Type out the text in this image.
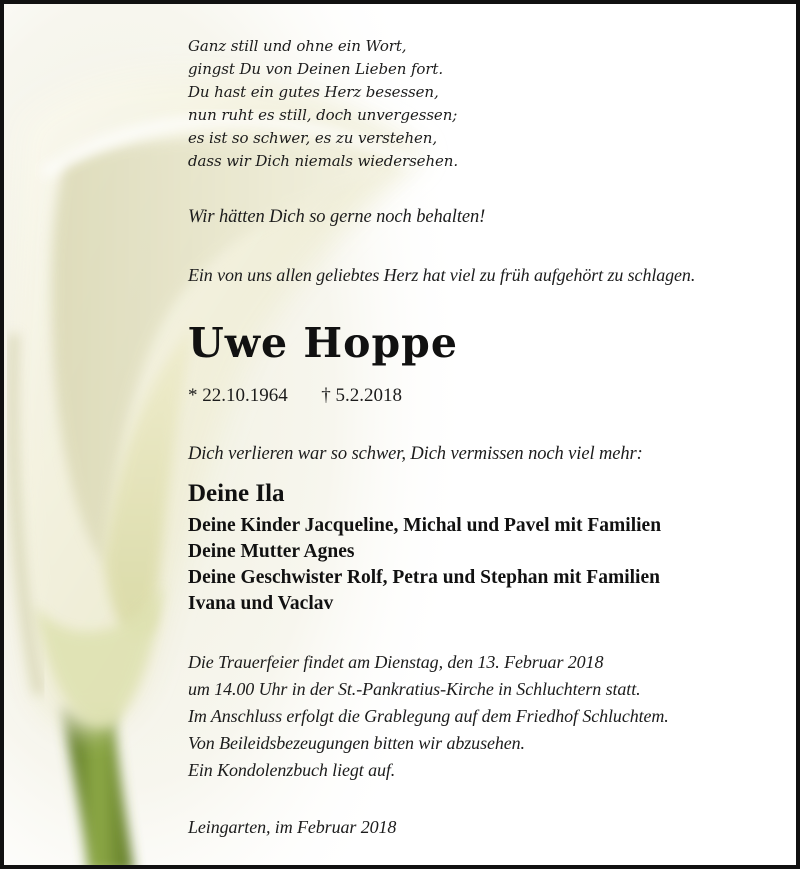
Ganz still und ohne ein Wort,
gingst Du von Deinen Lieben fort.
Du hast ein gutes Herz besessen,
nun ruht es still, doch unvergessen;
es ist so schwer, es zu verstehen,
dass wir Dich niemals wiedersehen.
Wir hätten Dich so gerne noch behalten!
Ein von uns allen geliebtes Herz hat viel zu früh aufgehört zu schlagen.
Uwe Hoppe
* 22.10.1964 † 5.2.2018
Dich verlieren war so schwer, Dich vermissen noch viel mehr:
Deine Ila
Deine Kinder Jacqueline, Michal und Pavel mit Familien
Deine Mutter Agnes
Deine Geschwister Rolf, Petra und Stephan mit Familien
Ivana und Vaclav
Die Trauerfeier findet am Dienstag, den 13. Februar 2018
um 14.00 Uhr in der St.-Pankratius-Kirche in Schluchtern statt.
Im Anschluss erfolgt die Grablegung auf dem Friedhof Schluchtem.
Von Beileidsbezeugungen bitten wir abzusehen.
Ein Kondolenzbuch liegt auf.
Leingarten, im Februar 2018
